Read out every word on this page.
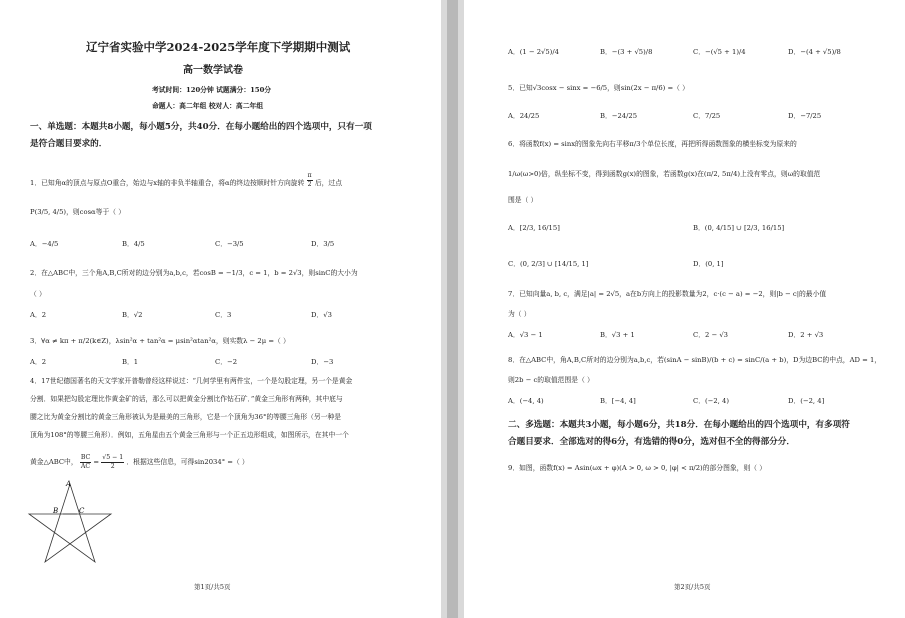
辽宁省实验中学2024-2025学年度下学期期中测试
高一数学试卷
考试时间：120分钟 试题满分：150分
命题人：高二年组 校对人：高二年组
一、单选题：本题共8小题，每小题5分，共40分．在每小题给出的四个选项中，只有一项
是符合题目要求的．
1．已知角α的顶点与原点O重合，始边与x轴的非负半轴重合，将α的终边按顺时针方向旋转 $\frac{\pi}{2}$ 后，过点
P(3/5, 4/5)，则cosα等于（ ）
A．−4/5	B．4/5	C．−3/5	D．3/5
2．在△ABC中，三个角A,B,C所对的边分别为a,b,c，若cosB = −1/3，c = 1，b = 2√3，则sinC的大小为
（ ）
A．2	B．√2	C．3	D．√3
3．∀α ≠ kπ + π/2(k∈Z)，λsin²α + tan²α = μsin²αtan²α，则实数λ − 2μ =（ ）
A．2	B．1	C．−2	D．−3
4．17世纪德国著名的天文学家开普勒曾经这样说过：“几何学里有两件宝，一个是勾股定理，另一个是黄金
分割．如果把勾股定理比作黄金矿的话，那么可以把黄金分割比作钻石矿．”黄金三角形有两种，其中底与
腰之比为黄金分割比的黄金三角形被认为是最美的三角形，它是一个顶角为36°的等腰三角形（另一种是
顶角为108°的等腰三角形）．例如，五角星由五个黄金三角形与一个正五边形组成，如图所示，在其中一个
黄金△ABC中， $\frac{BC}{AC} = \frac{√5 - 1}{2}$ ．根据这些信息，可得sin2034° =（ ）
A
B	C
第1页/共5页
A．(1 − 2√5)/4	B．−(3 + √5)/8	C．−(√5 + 1)/4	D．−(4 + √5)/8
5．已知√3cosx − sinx = −6/5，则sin(2x − π/6) =（ ）
A．24/25	B．−24/25	C．7/25	D．−7/25
6．将函数f(x) = sinx的图象先向右平移π/3个单位长度，再把所得函数图象的横坐标变为原来的
1/ω(ω>0)倍，纵坐标不变，得到函数g(x)的图象，若函数g(x)在(π/2, 5π/4)上没有零点，则ω的取值范
围是（ ）
A．[2/3, 16/15]	B．(0, 4/15] ∪ [2/3, 16/15]
C．(0, 2/3] ∪ [14/15, 1]	D．(0, 1]
7．已知向量a, b, c，满足|a| = 2√5，a在b方向上的投影数量为2，c·(c − a) = −2，则|b − c|的最小值
为（ ）
A．√3 − 1	B．√3 + 1	C．2 − √3	D．2 + √3
8．在△ABC中，角A,B,C所对的边分别为a,b,c，若(sinA − sinB)/(b + c) = sinC/(a + b)，D为边BC的中点，AD = 1，
则2b − c的取值范围是（ ）
A．(−4, 4)	B．[−4, 4]	C．(−2, 4)	D．(−2, 4]
二、多选题：本题共3小题，每小题6分，共18分．在每小题给出的四个选项中，有多项符
合题目要求．全部选对的得6分，有选错的得0分，选对但不全的得部分分．
9．如图，函数f(x) = Asin(ωx + φ)(A > 0, ω > 0, |φ| < π/2)的部分图象，则（ ）
第2页/共5页
